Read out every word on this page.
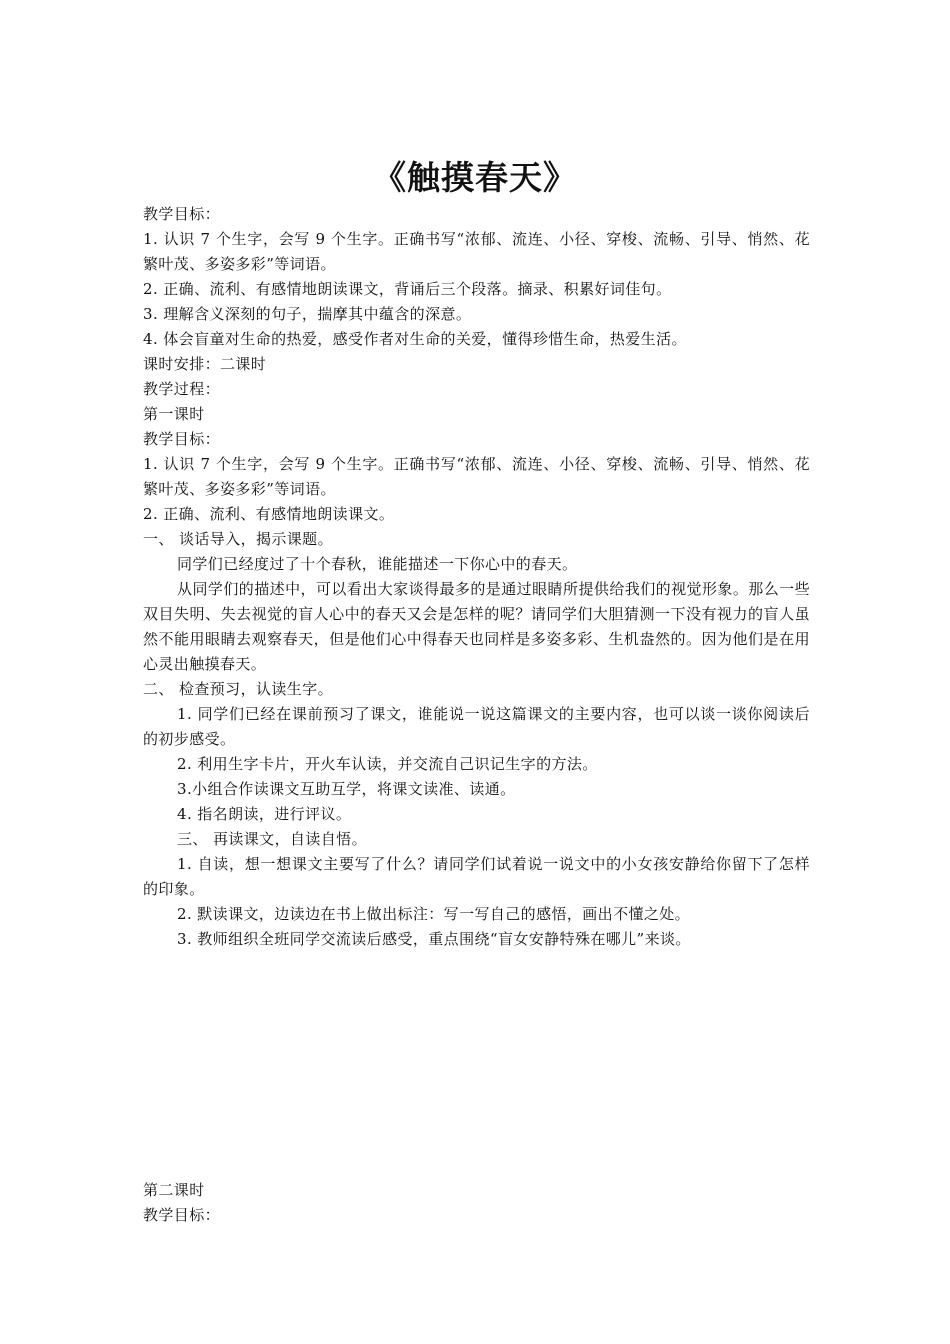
《触摸春天》

教学目标：

1. 认识 7 个生字，会写 9 个生字。正确书写“浓郁、流连、小径、穿梭、流畅、引导、悄然、花繁叶茂、多姿多彩”等词语。

2. 正确、流利、有感情地朗读课文，背诵后三个段落。摘录、积累好词佳句。

3. 理解含义深刻的句子，揣摩其中蕴含的深意。

4. 体会盲童对生命的热爱，感受作者对生命的关爱，懂得珍惜生命，热爱生活。

课时安排：二课时

教学过程：

第一课时

教学目标：

1. 认识 7 个生字，会写 9 个生字。正确书写“浓郁、流连、小径、穿梭、流畅、引导、悄然、花繁叶茂、多姿多彩”等词语。

2. 正确、流利、有感情地朗读课文。

一、 谈话导入，揭示课题。

同学们已经度过了十个春秋，谁能描述一下你心中的春天。

从同学们的描述中，可以看出大家谈得最多的是通过眼睛所提供给我们的视觉形象。那么一些双目失明、失去视觉的盲人心中的春天又会是怎样的呢？请同学们大胆猜测一下没有视力的盲人虽然不能用眼睛去观察春天，但是他们心中得春天也同样是多姿多彩、生机盎然的。因为他们是在用心灵出触摸春天。

二、 检查预习，认读生字。

1. 同学们已经在课前预习了课文，谁能说一说这篇课文的主要内容，也可以谈一谈你阅读后的初步感受。

2. 利用生字卡片，开火车认读，并交流自己识记生字的方法。

3.小组合作读课文互助互学，将课文读准、读通。

4. 指名朗读，进行评议。

三、 再读课文，自读自悟。

1. 自读，想一想课文主要写了什么？请同学们试着说一说文中的小女孩安静给你留下了怎样的印象。

2. 默读课文，边读边在书上做出标注：写一写自己的感悟，画出不懂之处。

3. 教师组织全班同学交流读后感受，重点围绕“盲女安静特殊在哪儿”来谈。

第二课时

教学目标：
